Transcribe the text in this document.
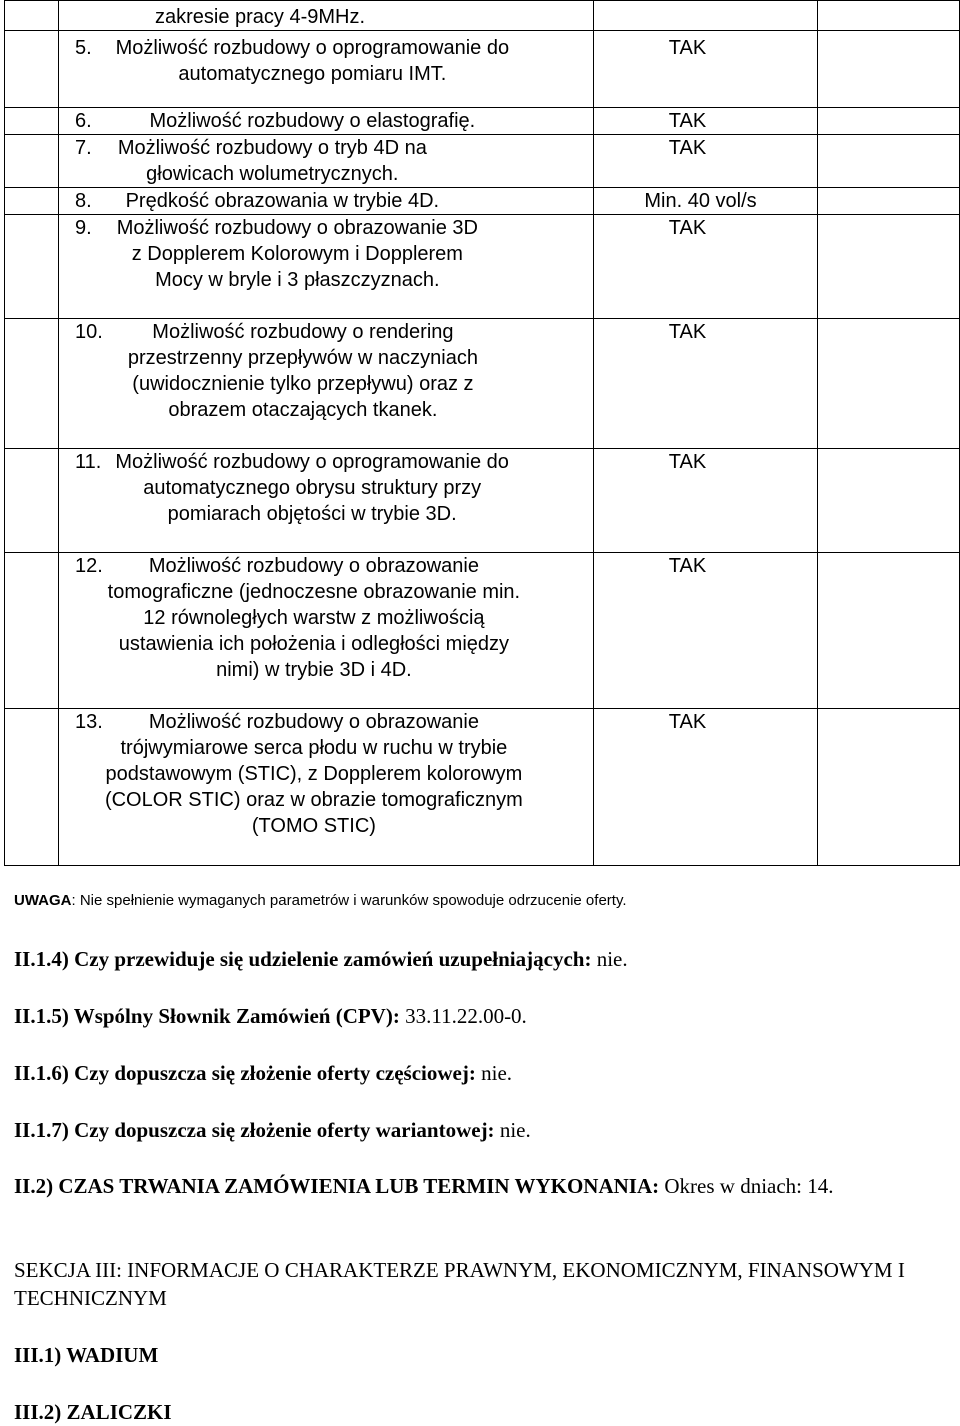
	zakresie pracy 4-9MHz.		

	5. Możliwość rozbudowy o oprogramowanie do automatycznego pomiaru IMT.	TAK	

	6. Możliwość rozbudowy o elastografię.	TAK	

	7. Możliwość rozbudowy o tryb 4D na głowicach wolumetrycznych.	TAK	

	8. Prędkość obrazowania w trybie 4D.	Min. 40 vol/s	

	9. Możliwość rozbudowy o obrazowanie 3D z Dopplerem Kolorowym i Dopplerem Mocy w bryle i 3 płaszczyznach.	TAK	

	10. Możliwość rozbudowy o rendering przestrzenny przepływów w naczyniach (uwidocznienie tylko przepływu) oraz z obrazem otaczających tkanek.	TAK	

	11. Możliwość rozbudowy o oprogramowanie do automatycznego obrysu struktury przy pomiarach objętości w trybie 3D.	TAK	

	12. Możliwość rozbudowy o obrazowanie tomograficzne (jednoczesne obrazowanie min. 12 równoległych warstw z możliwością ustawienia ich położenia i odległości między nimi) w trybie 3D i 4D.	TAK	

	13. Możliwość rozbudowy o obrazowanie trójwymiarowe serca płodu w ruchu w trybie podstawowym (STIC), z Dopplerem kolorowym (COLOR STIC) oraz w obrazie tomograficznym (TOMO STIC)	TAK	

UWAGA: Nie spełnienie wymaganych parametrów i warunków spowoduje odrzucenie oferty.
II.1.4) Czy przewiduje się udzielenie zamówień uzupełniających: nie.
II.1.5) Wspólny Słownik Zamówień (CPV): 33.11.22.00-0.
II.1.6) Czy dopuszcza się złożenie oferty częściowej: nie.
II.1.7) Czy dopuszcza się złożenie oferty wariantowej: nie.
II.2) CZAS TRWANIA ZAMÓWIENIA LUB TERMIN WYKONANIA: Okres w dniach: 14.
SEKCJA III: INFORMACJE O CHARAKTERZE PRAWNYM, EKONOMICZNYM, FINANSOWYM I TECHNICZNYM
III.1) WADIUM
III.2) ZALICZKI
